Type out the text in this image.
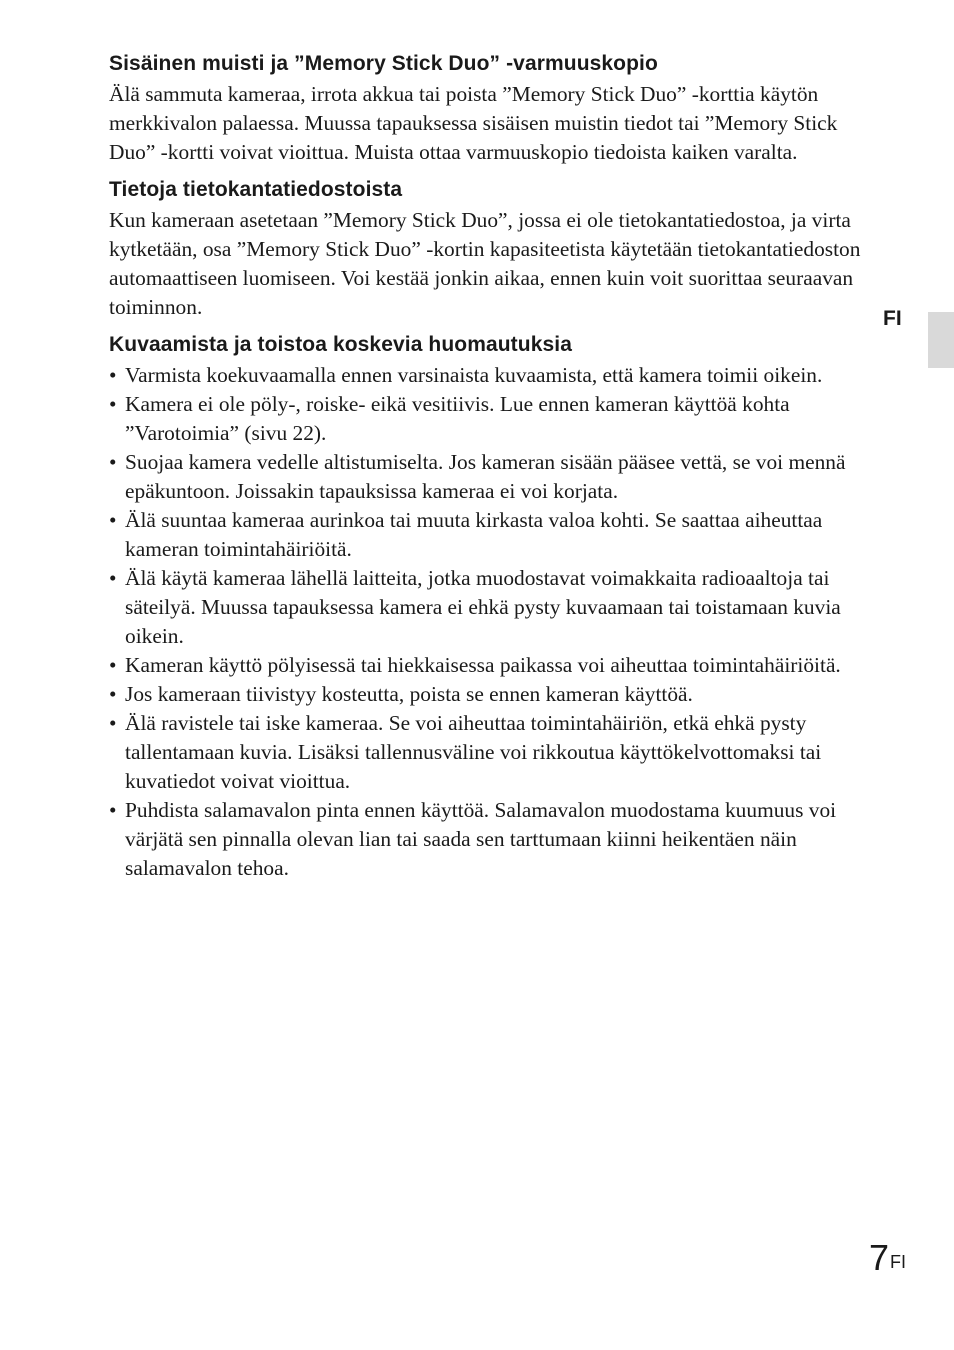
Sisäinen muisti ja ”Memory Stick Duo” -varmuuskopio

Älä sammuta kameraa, irrota akkua tai poista ”Memory Stick Duo” -korttia käytön merkkivalon palaessa. Muussa tapauksessa sisäisen muistin tiedot tai ”Memory Stick Duo” -kortti voivat vioittua. Muista ottaa varmuuskopio tiedoista kaiken varalta.

Tietoja tietokantatiedostoista

Kun kameraan asetetaan ”Memory Stick Duo”, jossa ei ole tietokantatiedostoa, ja virta kytketään, osa ”Memory Stick Duo” -kortin kapasiteetista käytetään tietokantatiedoston automaattiseen luomiseen. Voi kestää jonkin aikaa, ennen kuin voit suorittaa seuraavan toiminnon.

Kuvaamista ja toistoa koskevia huomautuksia
• Varmista koekuvaamalla ennen varsinaista kuvaamista, että kamera toimii oikein.
• Kamera ei ole pöly-, roiske- eikä vesitiivis. Lue ennen kameran käyttöä kohta ”Varotoimia” (sivu 22).
• Suojaa kamera vedelle altistumiselta. Jos kameran sisään pääsee vettä, se voi mennä epäkuntoon. Joissakin tapauksissa kameraa ei voi korjata.
• Älä suuntaa kameraa aurinkoa tai muuta kirkasta valoa kohti. Se saattaa aiheuttaa kameran toimintahäiriöitä.
• Älä käytä kameraa lähellä laitteita, jotka muodostavat voimakkaita radioaaltoja tai säteilyä. Muussa tapauksessa kamera ei ehkä pysty kuvaamaan tai toistamaan kuvia oikein.
• Kameran käyttö pölyisessä tai hiekkaisessa paikassa voi aiheuttaa toimintahäiriöitä.
• Jos kameraan tiivistyy kosteutta, poista se ennen kameran käyttöä.
• Älä ravistele tai iske kameraa. Se voi aiheuttaa toimintahäiriön, etkä ehkä pysty tallentamaan kuvia. Lisäksi tallennusväline voi rikkoutua käyttökelvottomaksi tai kuvatiedot voivat vioittua.
• Puhdista salamavalon pinta ennen käyttöä. Salamavalon muodostama kuumuus voi värjätä sen pinnalla olevan lian tai saada sen tarttumaan kiinni heikentäen näin salamavalon tehoa.
FI
$7^{FI}$
